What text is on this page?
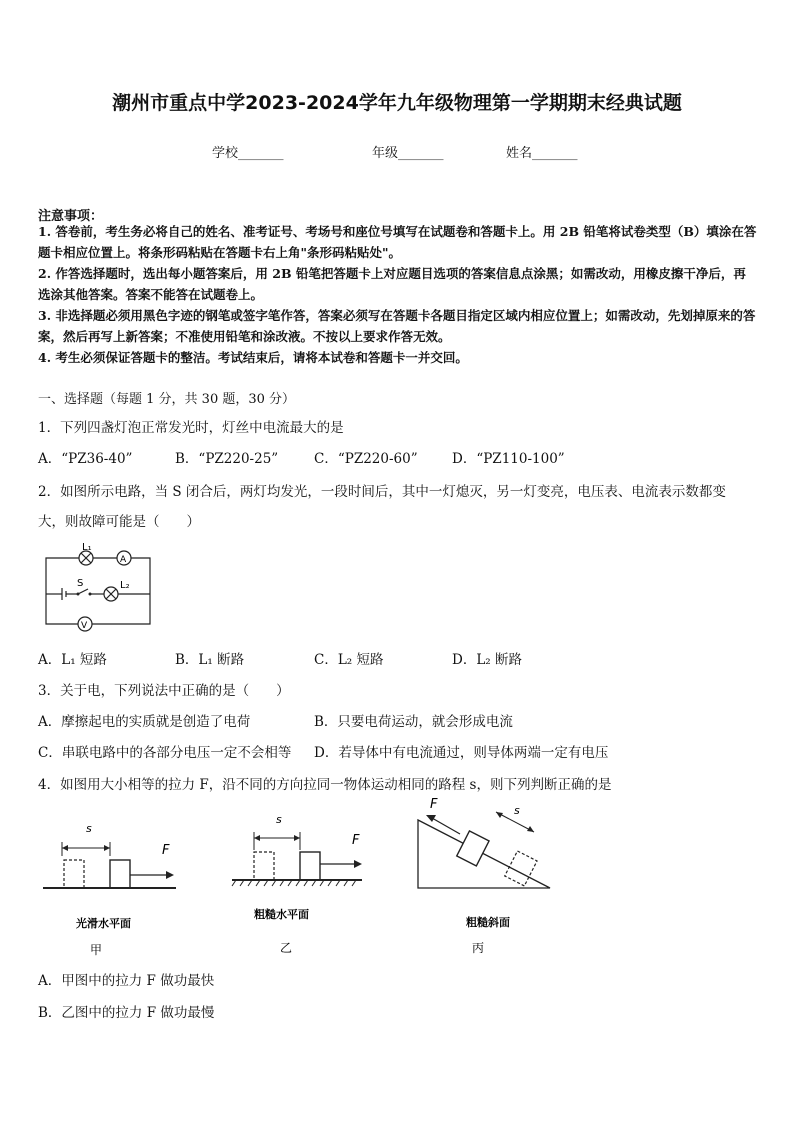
潮州市重点中学2023-2024学年九年级物理第一学期期末经典试题
学校_______	年级_______	姓名_______
注意事项：
1. 答卷前，考生务必将自己的姓名、准考证号、考场号和座位号填写在试题卷和答题卡上。用 2B 铅笔将试卷类型（B）填涂在答题卡相应位置上。将条形码粘贴在答题卡右上角"条形码粘贴处"。
2. 作答选择题时，选出每小题答案后，用 2B 铅笔把答题卡上对应题目选项的答案信息点涂黑；如需改动，用橡皮擦干净后，再选涂其他答案。答案不能答在试题卷上。
3. 非选择题必须用黑色字迹的钢笔或签字笔作答，答案必须写在答题卡各题目指定区域内相应位置上；如需改动，先划掉原来的答案，然后再写上新答案；不准使用铅笔和涂改液。不按以上要求作答无效。
4. 考生必须保证答题卡的整洁。考试结束后，请将本试卷和答题卡一并交回。
一、选择题（每题 1 分，共 30 题，30 分）
1．下列四盏灯泡正常发光时，灯丝中电流最大的是
A．“PZ36-40”	B．“PZ220-25”	C．“PZ220-60”	D．“PZ110-100”
2．如图所示电路，当 S 闭合后，两灯均发光，一段时间后，其中一灯熄灭，另一灯变亮，电压表、电流表示数都变
大，则故障可能是（　　）
L₁
A
S	L₂
V
A．L₁ 短路	B．L₁ 断路	C．L₂ 短路	D．L₂ 断路
3．关于电，下列说法中正确的是（　　）
A．摩擦起电的实质就是创造了电荷	B．只要电荷运动，就会形成电流
C．串联电路中的各部分电压一定不会相等 D．若导体中有电流通过，则导体两端一定有电压
4．如图用大小相等的拉力 F，沿不同的方向拉同一物体运动相同的路程 s，则下列判断正确的是
s
F
光滑水平面
甲
s
F
粗糙水平面
乙
F	s
粗糙斜面
丙
A．甲图中的拉力 F 做功最快
B．乙图中的拉力 F 做功最慢
